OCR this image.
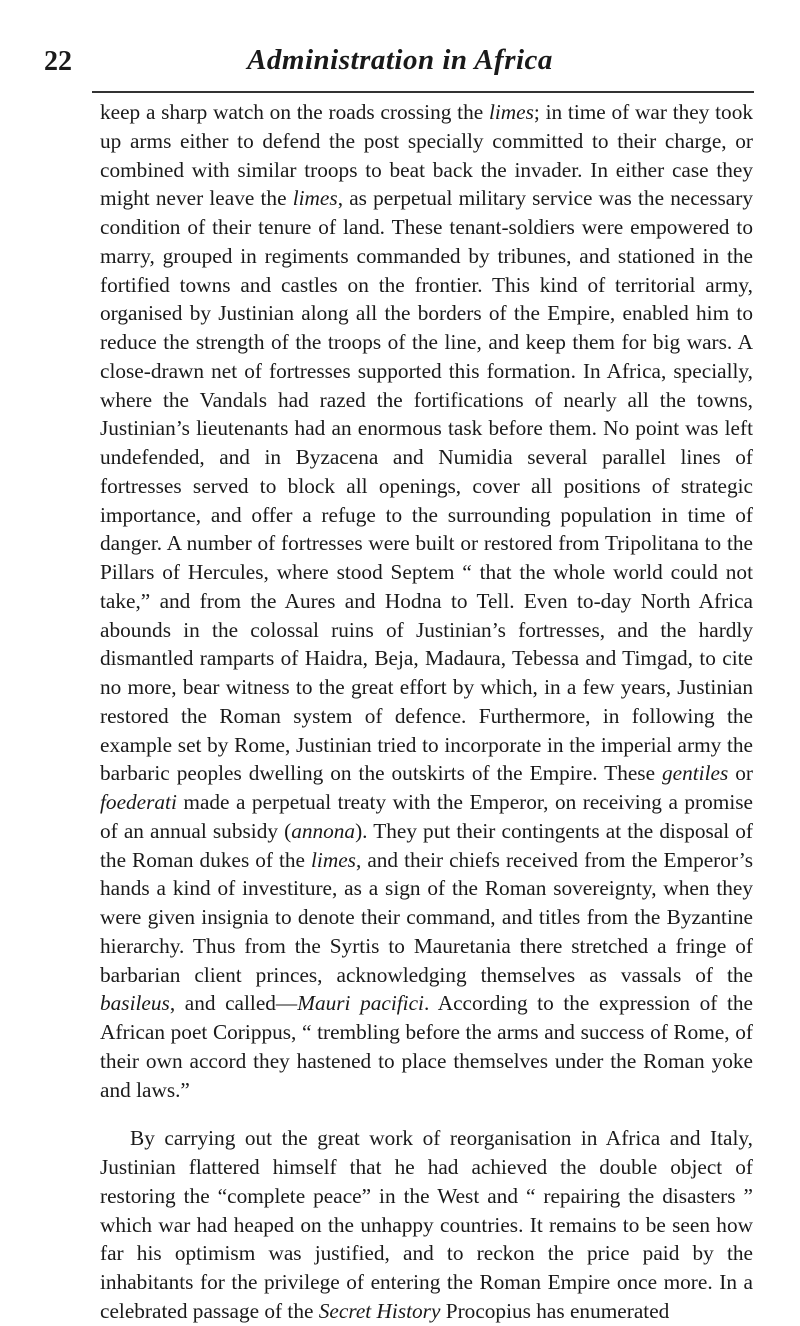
22	Administration in Africa

keep a sharp watch on the roads crossing the limes; in time of war they took up arms either to defend the post specially committed to their charge, or combined with similar troops to beat back the invader. In either case they might never leave the limes, as perpetual military service was the necessary condition of their tenure of land. These tenant-soldiers were empowered to marry, grouped in regiments commanded by tribunes, and stationed in the fortified towns and castles on the frontier. This kind of territorial army, organised by Justinian along all the borders of the Empire, enabled him to reduce the strength of the troops of the line, and keep them for big wars. A close-drawn net of fortresses supported this formation. In Africa, specially, where the Vandals had razed the fortifications of nearly all the towns, Justinian’s lieutenants had an enormous task before them. No point was left undefended, and in Byzacena and Numidia several parallel lines of fortresses served to block all openings, cover all positions of strategic importance, and offer a refuge to the surrounding population in time of danger. A number of fortresses were built or restored from Tripolitana to the Pillars of Hercules, where stood Septem “ that the whole world could not take,” and from the Aures and Hodna to Tell. Even to-day North Africa abounds in the colossal ruins of Justinian’s fortresses, and the hardly dismantled ramparts of Haidra, Beja, Madaura, Tebessa and Timgad, to cite no more, bear witness to the great effort by which, in a few years, Justinian restored the Roman system of defence. Furthermore, in following the example set by Rome, Justinian tried to incorporate in the imperial army the barbaric peoples dwelling on the outskirts of the Empire. These gentiles or foederati made a perpetual treaty with the Emperor, on receiving a promise of an annual subsidy (annona). They put their contingents at the disposal of the Roman dukes of the limes, and their chiefs received from the Emperor’s hands a kind of investiture, as a sign of the Roman sovereignty, when they were given insignia to denote their command, and titles from the Byzantine hierarchy. Thus from the Syrtis to Mauretania there stretched a fringe of barbarian client princes, acknowledging themselves as vassals of the basileus, and called—Mauri pacifici. According to the expression of the African poet Corippus, “ trembling before the arms and success of Rome, of their own accord they hastened to place themselves under the Roman yoke and laws.”

By carrying out the great work of reorganisation in Africa and Italy, Justinian flattered himself that he had achieved the double object of restoring the “complete peace” in the West and “ repairing the disasters ” which war had heaped on the unhappy countries. It remains to be seen how far his optimism was justified, and to reckon the price paid by the inhabitants for the privilege of entering the Roman Empire once more. In a celebrated passage of the Secret History Procopius has enumerated
